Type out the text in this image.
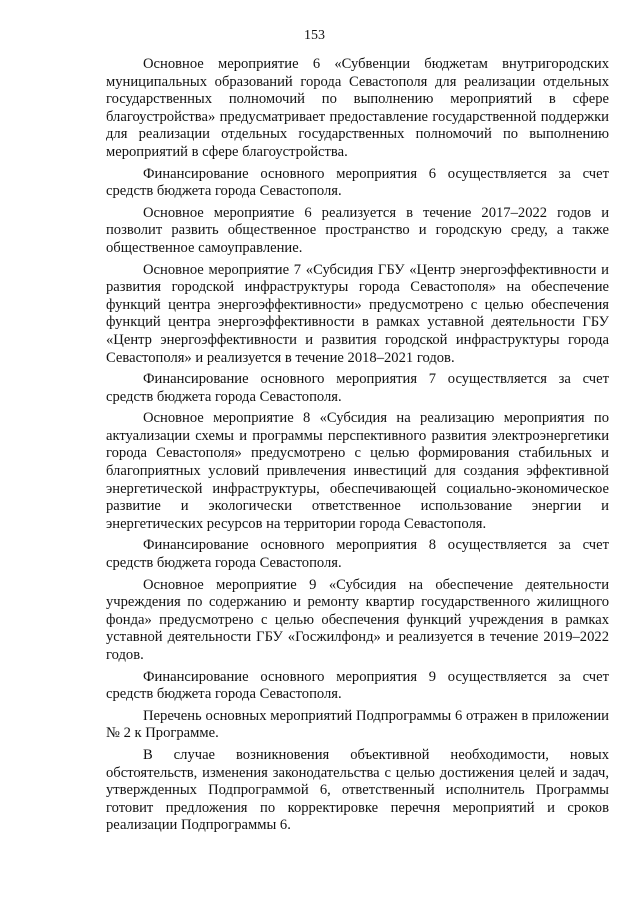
153

Основное мероприятие 6 «Субвенции бюджетам внутригородских муниципальных образований города Севастополя для реализации отдельных государственных полномочий по выполнению мероприятий в сфере благоустройства» предусматривает предоставление государственной поддержки для реализации отдельных государственных полномочий по выполнению мероприятий в сфере благоустройства.

Финансирование основного мероприятия 6 осуществляется за счет средств бюджета города Севастополя.

Основное мероприятие 6 реализуется в течение 2017–2022 годов и позволит развить общественное пространство и городскую среду, а также общественное самоуправление.

Основное мероприятие 7 «Субсидия ГБУ «Центр энергоэффективности и развития городской инфраструктуры города Севастополя» на обеспечение функций центра энергоэффективности» предусмотрено с целью обеспечения функций центра энергоэффективности в рамках уставной деятельности ГБУ «Центр энергоэффективности и развития городской инфраструктуры города Севастополя» и реализуется в течение 2018–2021 годов.

Финансирование основного мероприятия 7 осуществляется за счет средств бюджета города Севастополя.

Основное мероприятие 8 «Субсидия на реализацию мероприятия по актуализации схемы и программы перспективного развития электроэнергетики города Севастополя» предусмотрено с целью формирования стабильных и благоприятных условий привлечения инвестиций для создания эффективной энергетической инфраструктуры, обеспечивающей социально-экономическое развитие и экологически ответственное использование энергии и энергетических ресурсов на территории города Севастополя.

Финансирование основного мероприятия 8 осуществляется за счет средств бюджета города Севастополя.

Основное мероприятие 9 «Субсидия на обеспечение деятельности учреждения по содержанию и ремонту квартир государственного жилищного фонда» предусмотрено с целью обеспечения функций учреждения в рамках уставной деятельности ГБУ «Госжилфонд» и реализуется в течение 2019–2022 годов.

Финансирование основного мероприятия 9 осуществляется за счет средств бюджета города Севастополя.

Перечень основных мероприятий Подпрограммы 6 отражен в приложении № 2 к Программе.

В случае возникновения объективной необходимости, новых обстоятельств, изменения законодательства с целью достижения целей и задач, утвержденных Подпрограммой 6, ответственный исполнитель Программы готовит предложения по корректировке перечня мероприятий и сроков реализации Подпрограммы 6.
